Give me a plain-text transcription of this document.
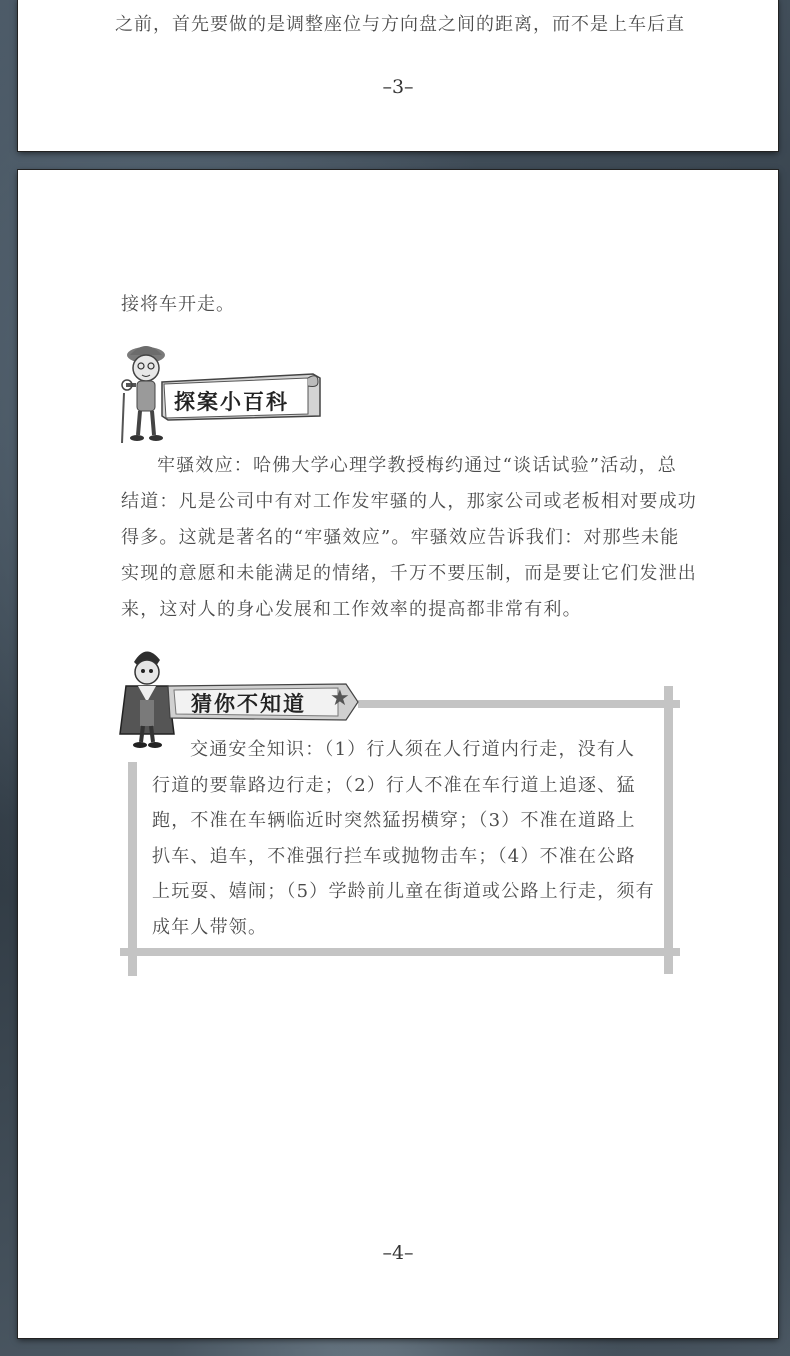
之前，首先要做的是调整座位与方向盘之间的距离，而不是上车后直
–3–
接将车开走。
探案小百科
牢骚效应：哈佛大学心理学教授梅约通过“谈话试验”活动，总
结道：凡是公司中有对工作发牢骚的人，那家公司或老板相对要成功
得多。这就是著名的“牢骚效应”。牢骚效应告诉我们：对那些未能
实现的意愿和未能满足的情绪，千万不要压制，而是要让它们发泄出
来，这对人的身心发展和工作效率的提高都非常有利。
猜你不知道 ★
交通安全知识：（1）行人须在人行道内行走，没有人
行道的要靠路边行走；（2）行人不准在车行道上追逐、猛
跑，不准在车辆临近时突然猛拐横穿；（3）不准在道路上
扒车、追车，不准强行拦车或抛物击车；（4）不准在公路
上玩耍、嬉闹；（5）学龄前儿童在街道或公路上行走，须有
成年人带领。
–4–
